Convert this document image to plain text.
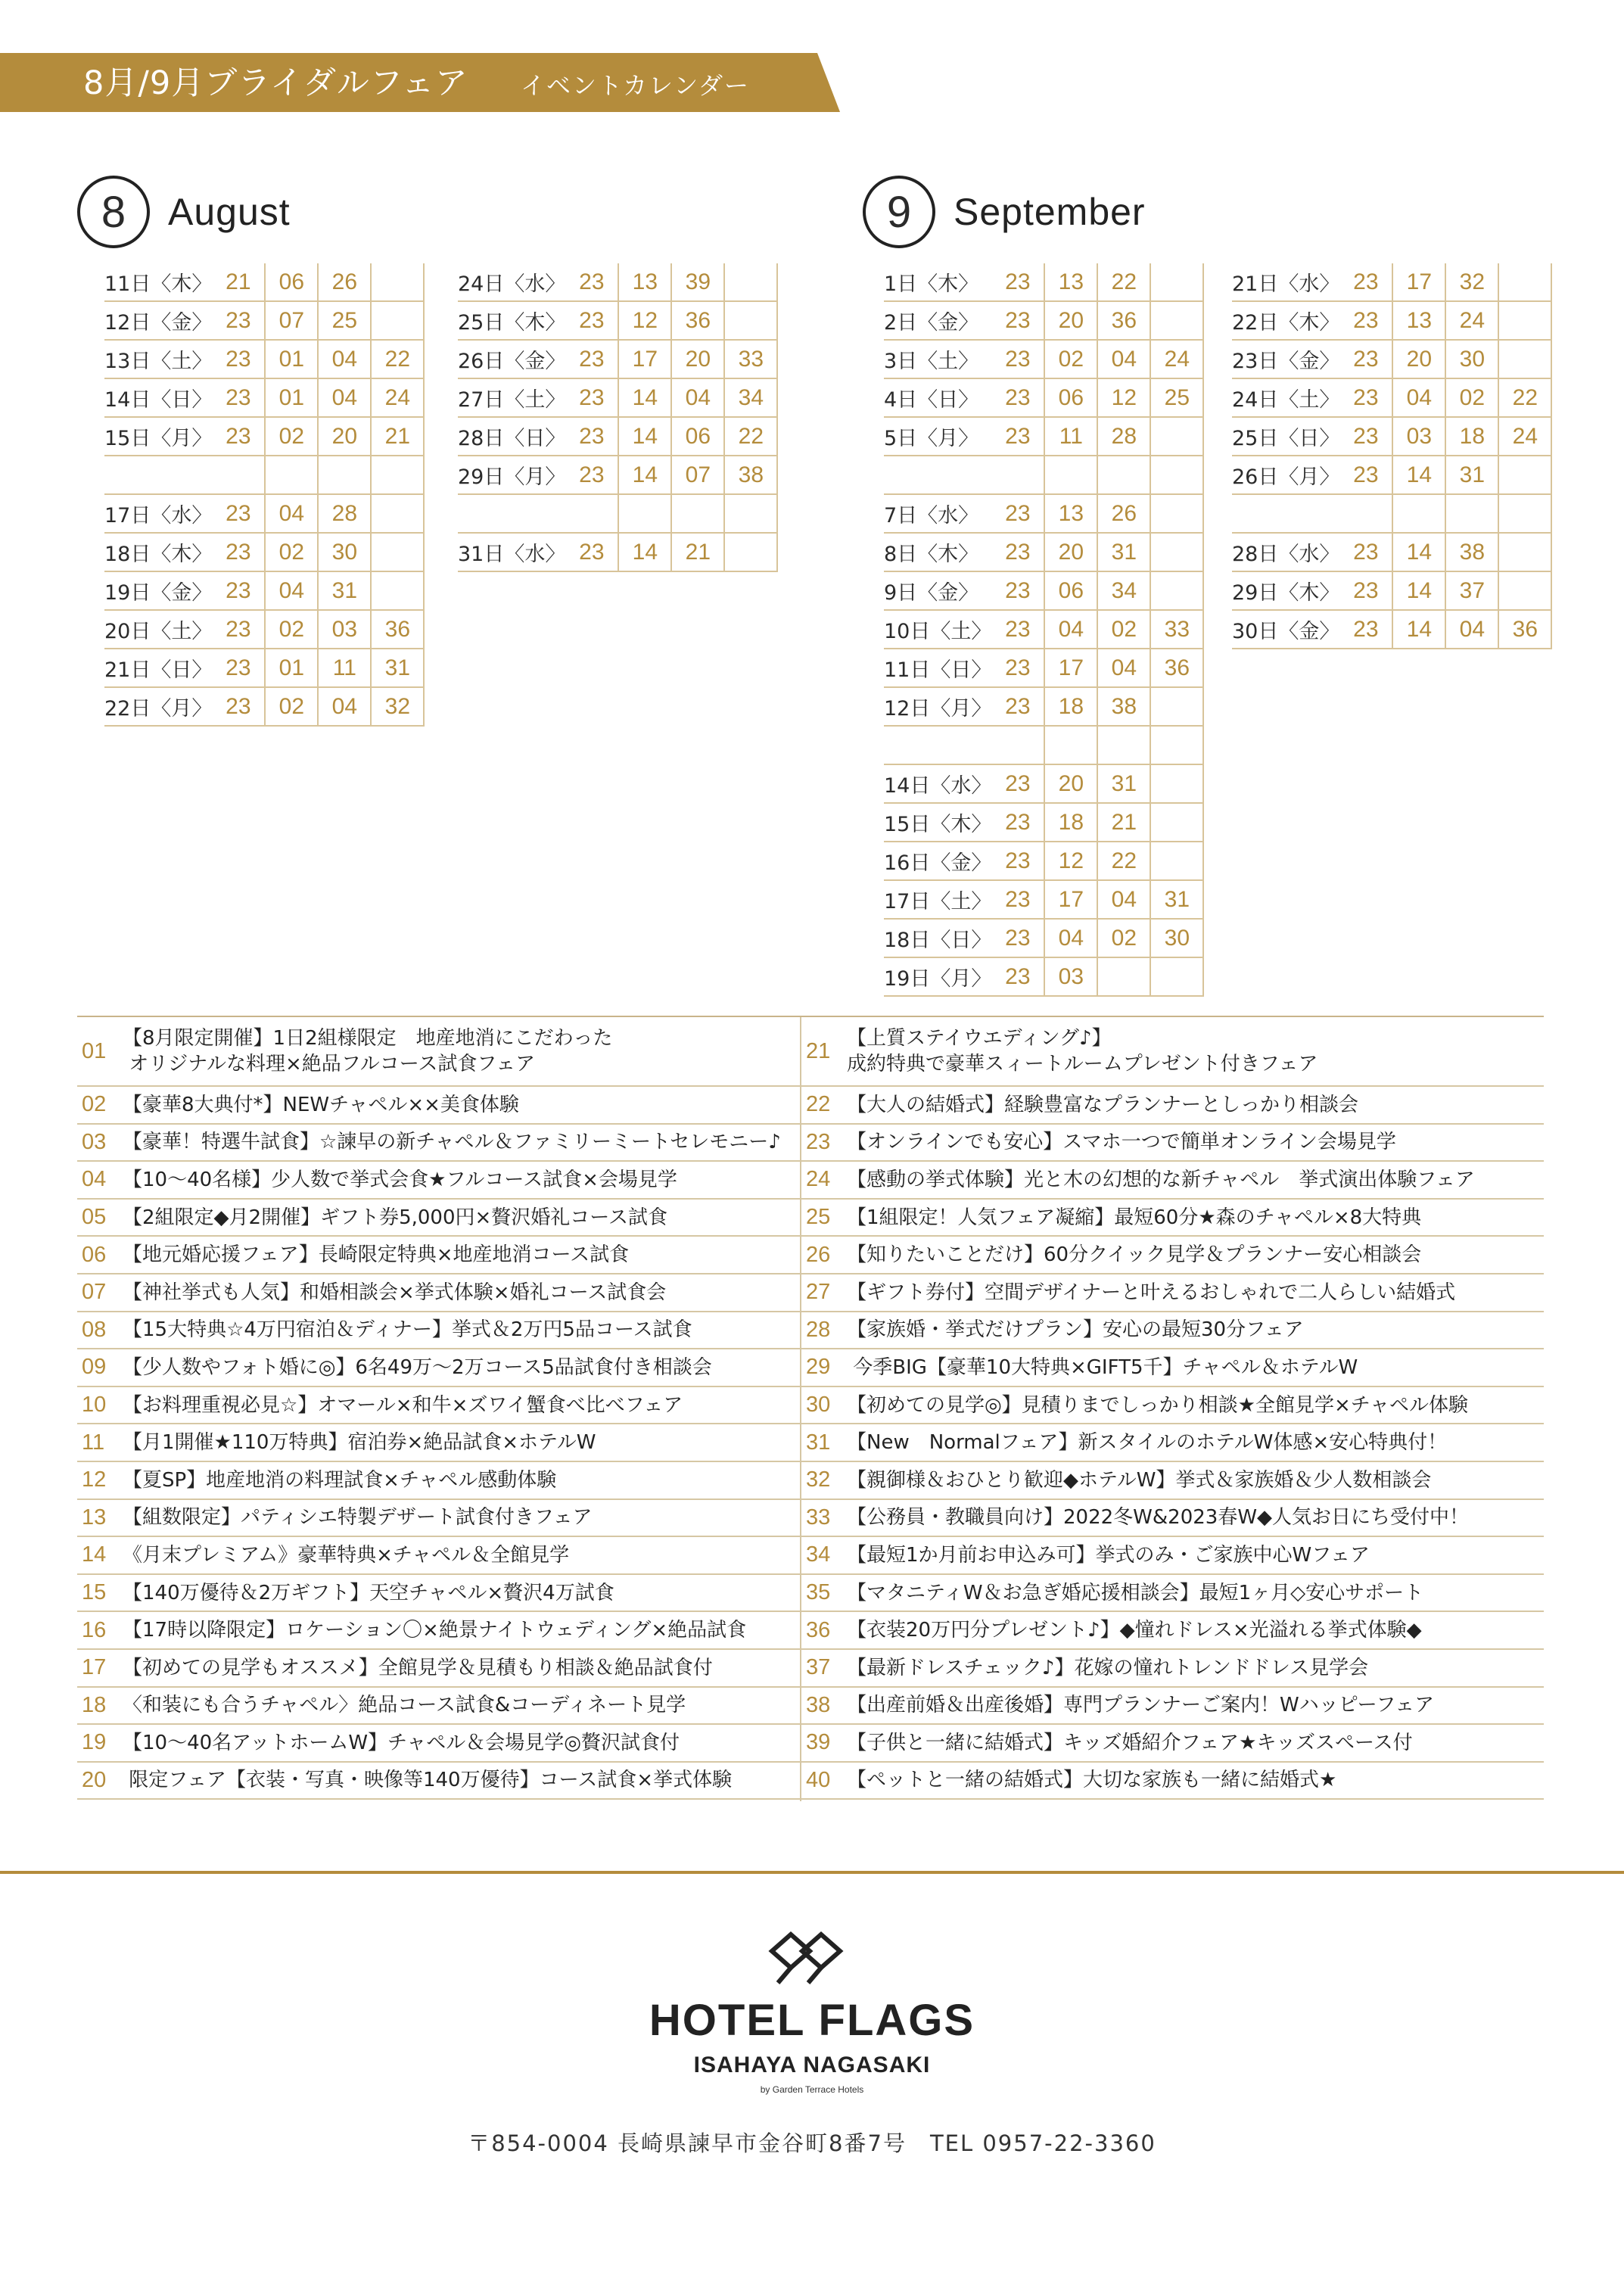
8月/9月ブライダルフェア イベントカレンダー
8	August	9	September
11日〈木〉	21	06	26	
12日〈金〉	23	07	25	
13日〈土〉	23	01	04	22
14日〈日〉	23	01	04	24
15日〈月〉	23	02	20	21

17日〈水〉	23	04	28	
18日〈木〉	23	02	30	
19日〈金〉	23	04	31	
20日〈土〉	23	02	03	36
21日〈日〉	23	01	11	31
22日〈月〉	23	02	04	32
24日〈水〉	23	13	39	
25日〈木〉	23	12	36	
26日〈金〉	23	17	20	33
27日〈土〉	23	14	04	34
28日〈日〉	23	14	06	22
29日〈月〉	23	14	07	38

31日〈水〉	23	14	21	
1日〈木〉	23	13	22	
2日〈金〉	23	20	36	
3日〈土〉	23	02	04	24
4日〈日〉	23	06	12	25
5日〈月〉	23	11	28	

7日〈水〉	23	13	26	
8日〈木〉	23	20	31	
9日〈金〉	23	06	34	
10日〈土〉	23	04	02	33
11日〈日〉	23	17	04	36
12日〈月〉	23	18	38	

14日〈水〉	23	20	31	
15日〈木〉	23	18	21	
16日〈金〉	23	12	22	
17日〈土〉	23	17	04	31
18日〈日〉	23	04	02	30
19日〈月〉	23	03		
21日〈水〉	23	17	32	
22日〈木〉	23	13	24	
23日〈金〉	23	20	30	
24日〈土〉	23	04	02	22
25日〈日〉	23	03	18	24
26日〈月〉	23	14	31	

28日〈水〉	23	14	38	
29日〈木〉	23	14	37	
30日〈金〉	23	14	04	36
01
【8月限定開催】1日2組様限定　地産地消にこだわった
オリジナルな料理×絶品フルコース試食フェア
02 【豪華8大典付*】NEWチャペル××美食体験
03 【豪華！特選牛試食】☆諫早の新チャペル＆ファミリーミートセレモニー♪
04 【10～40名様】少人数で挙式会食★フルコース試食×会場見学
05 【2組限定◆月2開催】ギフト券5,000円×贅沢婚礼コース試食
06 【地元婚応援フェア】長崎限定特典×地産地消コース試食
07 【神社挙式も人気】和婚相談会×挙式体験×婚礼コース試食会
08 【15大特典☆4万円宿泊＆ディナー】挙式＆2万円5品コース試食
09 【少人数やフォト婚に◎】6名49万～2万コース5品試食付き相談会
10 【お料理重視必見☆】オマール×和牛×ズワイ蟹食べ比べフェア
11 【月1開催★110万特典】宿泊券×絶品試食×ホテルW
12 【夏SP】地産地消の料理試食×チャペル感動体験
13 【組数限定】パティシエ特製デザート試食付きフェア
14 《月末プレミアム》豪華特典×チャペル＆全館見学
15 【140万優待＆2万ギフト】天空チャペル×贅沢4万試食
16 【17時以降限定】ロケーション〇×絶景ナイトウェディング×絶品試食
17 【初めての見学もオススメ】全館見学＆見積もり相談＆絶品試食付
18 〈和装にも合うチャペル〉絶品コース試食&コーディネート見学
19 【10～40名アットホームW】チャペル＆会場見学◎贅沢試食付
20 限定フェア【衣装・写真・映像等140万優待】コース試食×挙式体験
21
【上質ステイウエディング♪】
成約特典で豪華スィートルームプレゼント付きフェア
22 【大人の結婚式】経験豊富なプランナーとしっかり相談会
23 【オンラインでも安心】スマホ一つで簡単オンライン会場見学
24 【感動の挙式体験】光と木の幻想的な新チャペル　挙式演出体験フェア
25 【1組限定！人気フェア凝縮】最短60分★森のチャペル×8大特典
26 【知りたいことだけ】60分クイック見学＆プランナー安心相談会
27 【ギフト券付】空間デザイナーと叶えるおしゃれで二人らしい結婚式
28 【家族婚・挙式だけプラン】安心の最短30分フェア
29 今季BIG【豪華10大特典×GIFT5千】チャペル＆ホテルW
30 【初めての見学◎】見積りまでしっかり相談★全館見学×チャペル体験
31 【New　Normalフェア】新スタイルのホテルW体感×安心特典付！
32 【親御様＆おひとり歓迎◆ホテルW】挙式＆家族婚＆少人数相談会
33 【公務員・教職員向け】2022冬W&2023春W◆人気お日にち受付中！
34 【最短1か月前お申込み可】挙式のみ・ご家族中心Wフェア
35 【マタニティW＆お急ぎ婚応援相談会】最短1ヶ月◇安心サポート
36 【衣装20万円分プレゼント♪】◆憧れドレス×光溢れる挙式体験◆
37 【最新ドレスチェック♪】花嫁の憧れトレンドドレス見学会
38 【出産前婚＆出産後婚】専門プランナーご案内！Wハッピーフェア
39 【子供と一緒に結婚式】キッズ婚紹介フェア★キッズスペース付
40 【ペットと一緒の結婚式】大切な家族も一緒に結婚式★
HOTEL FLAGS
ISAHAYA NAGASAKI
by Garden Terrace Hotels
〒854-0004 長崎県諫早市金谷町8番7号　TEL 0957-22-3360
